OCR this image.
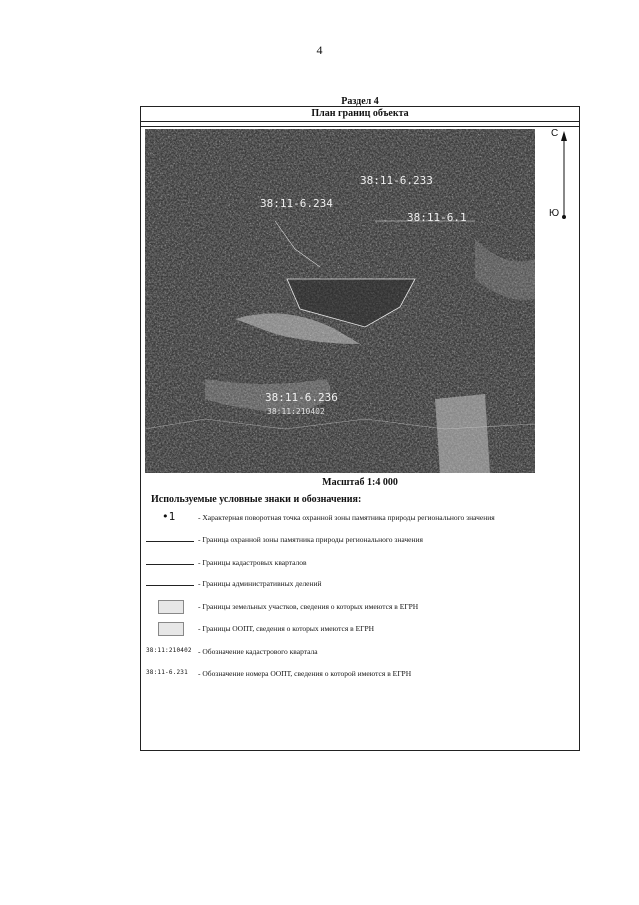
4
Раздел 4
План границ объекта
38:11-6.233
38:11-6.234
38:11-6.1
38:11-6.236
38:11:210402
С
Ю
Масштаб 1:4 000
Используемые условные знаки и обозначения:
•1	- Характерная поворотная точка охранной зоны памятника природы регионального значения
- Граница охранной зоны памятника природы регионального значения
- Границы кадастровых кварталов
- Границы административных делений
- Границы земельных участков, сведения о которых имеются в ЕГРН
- Границы ООПТ, сведения о которых имеются в ЕГРН
38:11:210402 - Обозначение кадастрового квартала
38:11-6.231 - Обозначение номера ООПТ, сведения о которой имеются в ЕГРН
